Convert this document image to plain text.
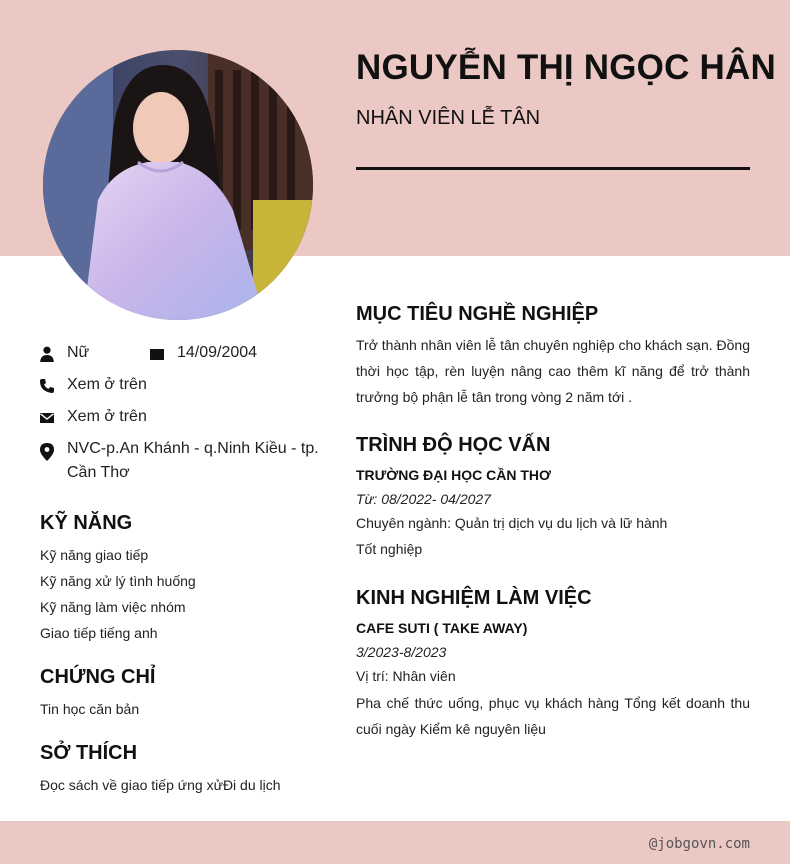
NGUYỄN THỊ NGỌC HÂN
NHÂN VIÊN LỄ TÂN
Nữ	14/09/2004
Xem ở trên
Xem ở trên
NVC-p.An Khánh - q.Ninh Kiều - tp. Cần Thơ
KỸ NĂNG
Kỹ năng giao tiếp
Kỹ năng xử lý tình huống
Kỹ năng làm việc nhóm
Giao tiếp tiếng anh
CHỨNG CHỈ
Tin học căn bản
SỞ THÍCH
Đọc sách về giao tiếp ứng xửĐi du lịch
MỤC TIÊU NGHỀ NGHIỆP

Trở thành nhân viên lễ tân chuyên nghiệp cho khách sạn. Đồng thời học tập, rèn luyện nâng cao thêm kĩ năng để trở thành trưởng bộ phận lễ tân trong vòng 2 năm tới .

TRÌNH ĐỘ HỌC VẤN
TRƯỜNG ĐẠI HỌC CẦN THƠ
Từ: 08/2022- 04/2027
Chuyên ngành: Quản trị dịch vụ du lịch và lữ hành
Tốt nghiệp
KINH NGHIỆM LÀM VIỆC
CAFE SUTI ( TAKE AWAY)
3/2023-8/2023
Vị trí: Nhân viên

Pha chế thức uống, phục vụ khách hàng Tổng kết doanh thu cuối ngày Kiểm kê nguyên liệu

@jobgovn.com
